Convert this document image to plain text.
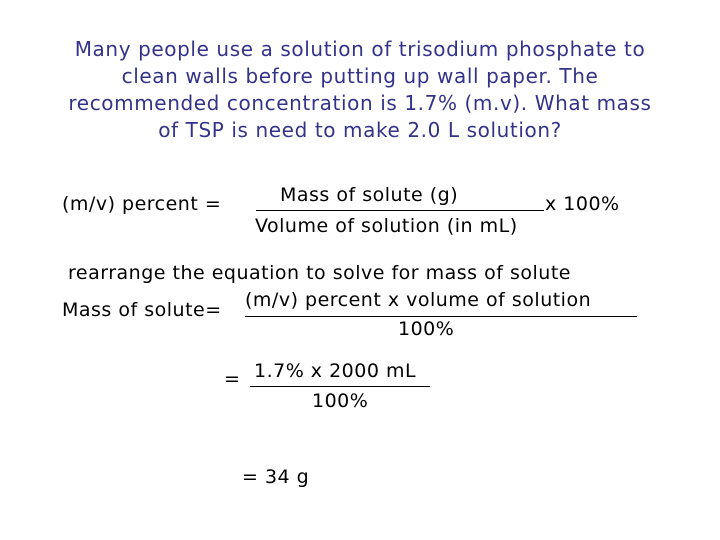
Many people use a solution of trisodium phosphate to
clean walls before putting up wall paper. The
recommended concentration is 1.7% (m.v). What mass
of TSP is need to make 2.0 L solution?
(m/v) percent =	Mass of solute (g)
Volume of solution (in mL)
x 100%
rearrange the equation to solve for mass of solute
Mass of solute= (m/v) percent x volume of solution
100%
= 1.7% x 2000 mL
100%
= 34 g
